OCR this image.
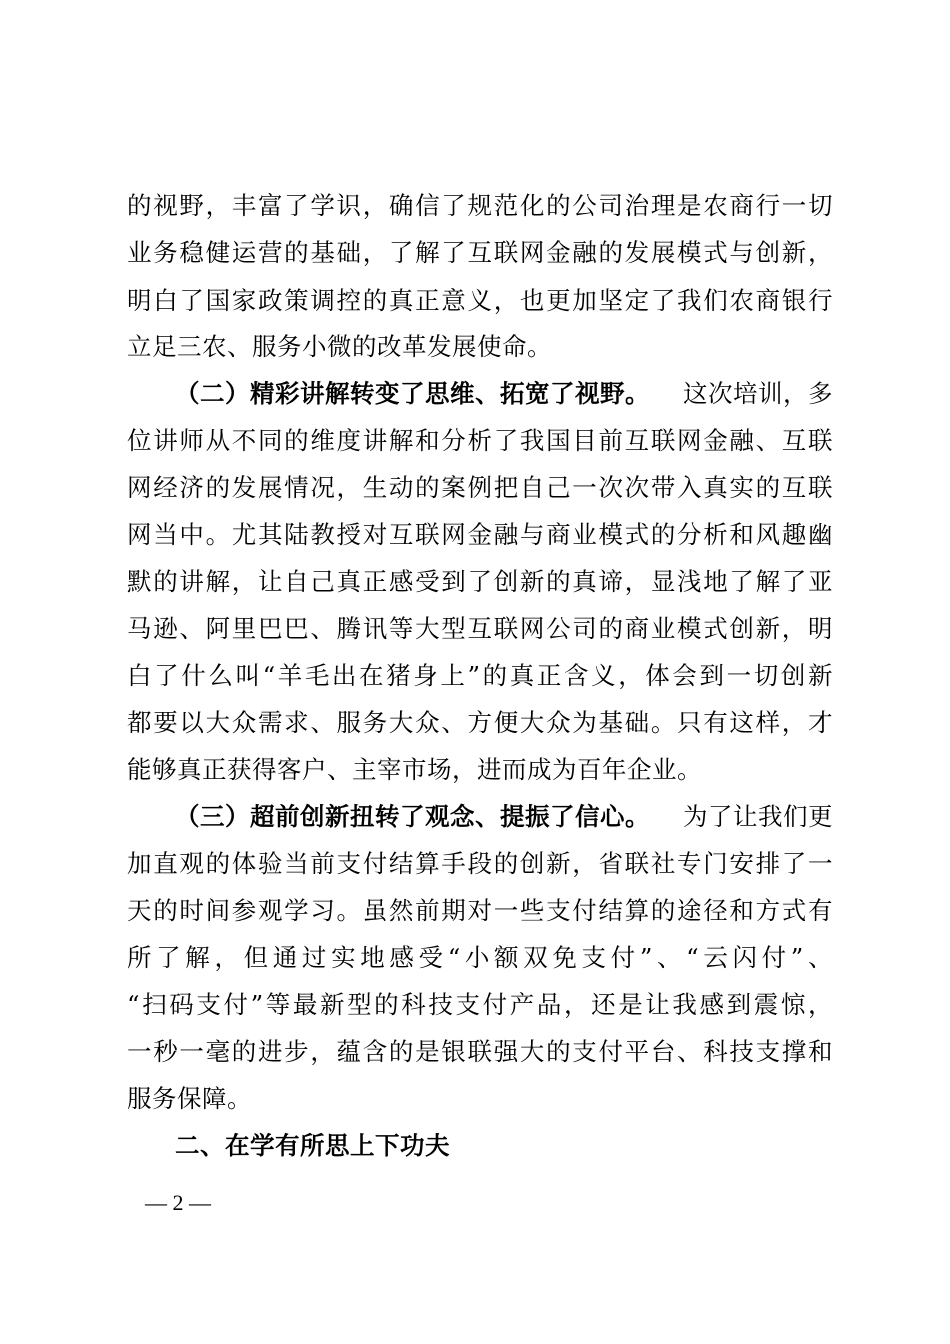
的视野，丰富了学识，确信了规范化的公司治理是农商行一切
业务稳健运营的基础，了解了互联网金融的发展模式与创新，
明白了国家政策调控的真正意义，也更加坚定了我们农商银行
立足三农、服务小微的改革发展使命。
（二）精彩讲解转变了思维、拓宽了视野。 这次培训，多
位讲师从不同的维度讲解和分析了我国目前互联网金融、互联
网经济的发展情况，生动的案例把自己一次次带入真实的互联
网当中。尤其陆教授对互联网金融与商业模式的分析和风趣幽
默的讲解，让自己真正感受到了创新的真谛，显浅地了解了亚
马逊、阿里巴巴、腾讯等大型互联网公司的商业模式创新，明
白了什么叫“羊毛出在猪身上”的真正含义，体会到一切创新
都要以大众需求、服务大众、方便大众为基础。只有这样，才
能够真正获得客户、主宰市场，进而成为百年企业。
（三）超前创新扭转了观念、提振了信心。 为了让我们更
加直观的体验当前支付结算手段的创新，省联社专门安排了一
天的时间参观学习。虽然前期对一些支付结算的途径和方式有
所了解，但通过实地感受“小额双免支付”、“云闪付”、
“扫码支付”等最新型的科技支付产品，还是让我感到震惊，
一秒一毫的进步，蕴含的是银联强大的支付平台、科技支撑和
服务保障。
二、在学有所思上下功夫
— 2 —
